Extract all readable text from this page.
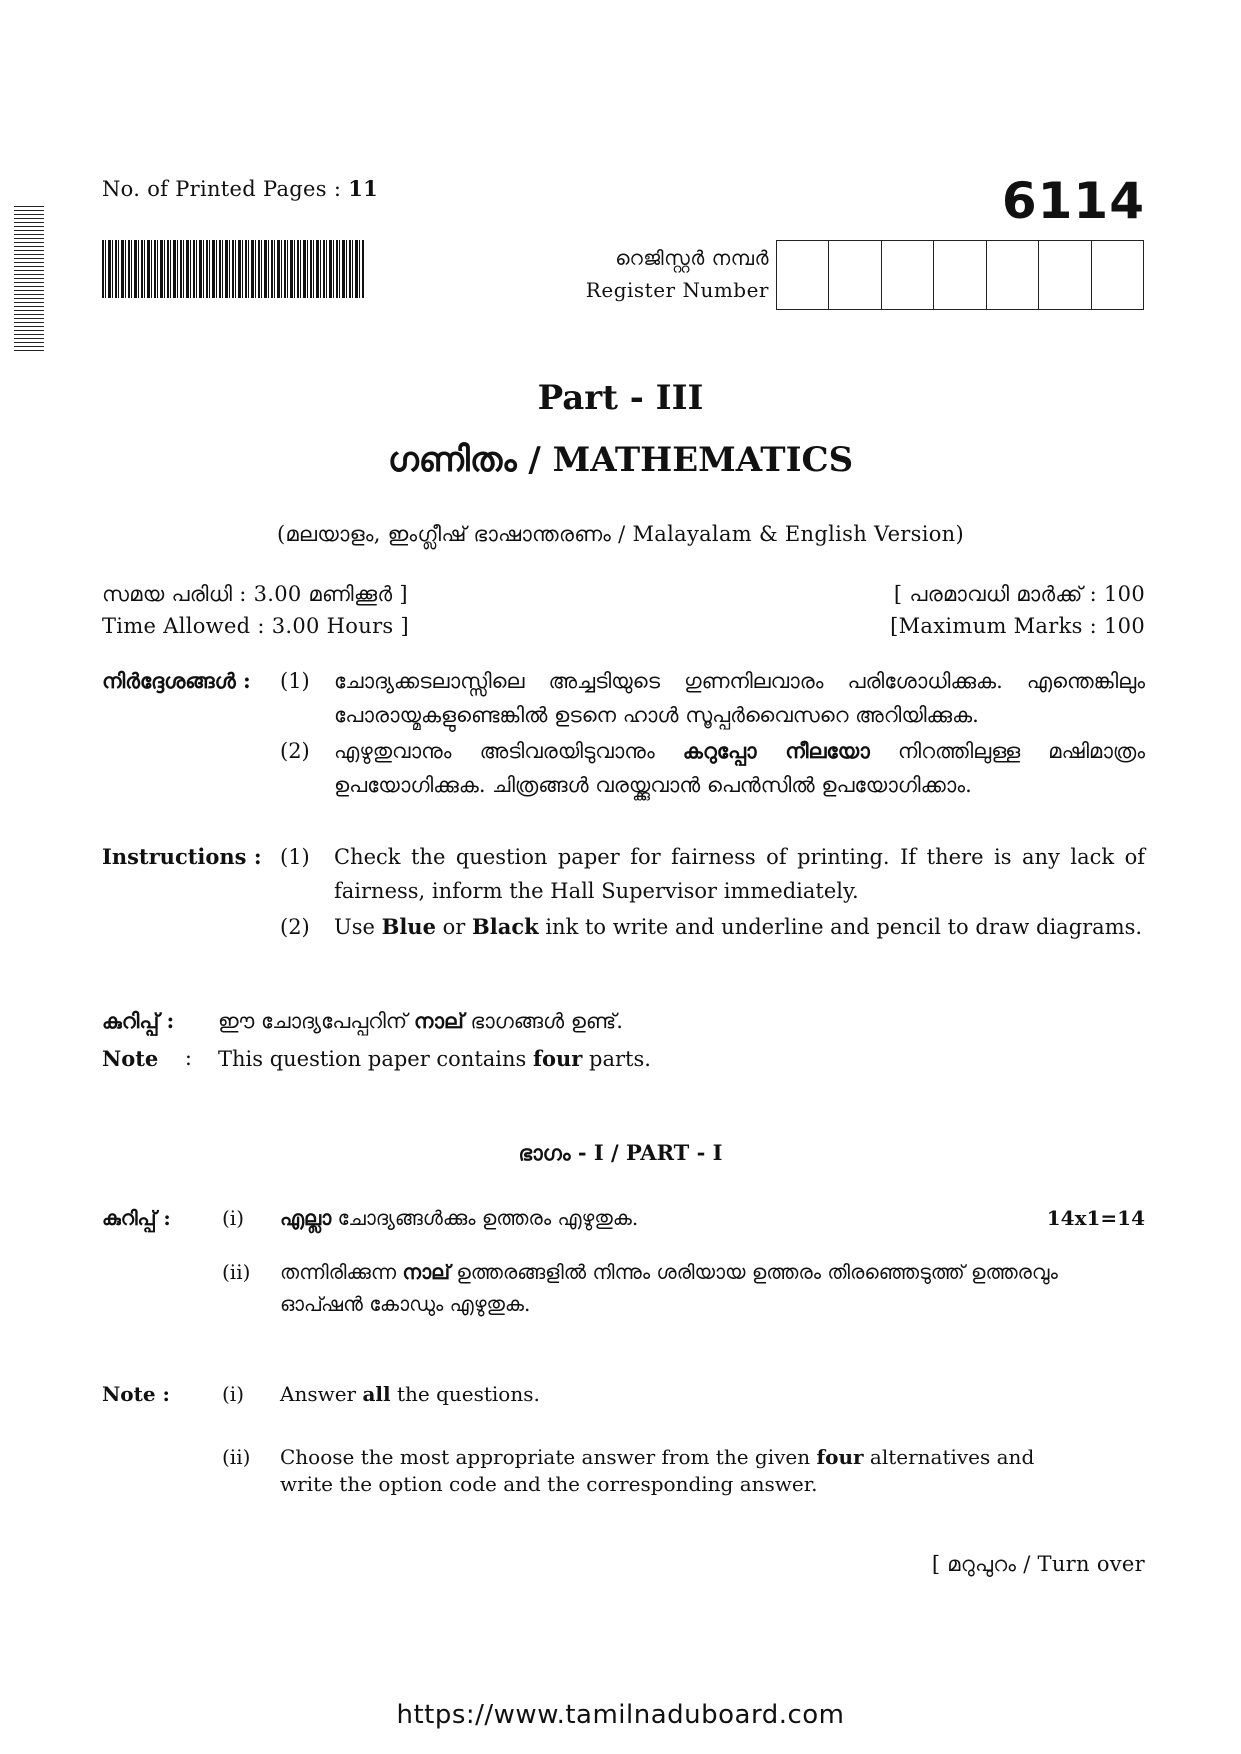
No. of Printed Pages : 11	6114
റെജിസ്റ്റർ നമ്പർ
Register Number
Part - III
ഗണിതം / MATHEMATICS
(മലയാളം, ഇംഗ്ലീഷ് ഭാഷാന്തരണം / Malayalam & English Version)
സമയ പരിധി : 3.00 മണിക്കൂർ ]
Time Allowed : 3.00 Hours ]
[ പരമാവധി മാർക്ക് : 100
[Maximum Marks : 100
നിർദ്ദേശങ്ങൾ :	(1)	ചോദ്യക്കടലാസ്സിലെ അച്ചടിയുടെ ഗുണനിലവാരം പരിശോധിക്കുക. എന്തെങ്കിലും പോരായ്മകളുണ്ടെങ്കിൽ ഉടനെ ഹാൾ സൂപ്പർവൈസറെ അറിയിക്കുക.
(2)	എഴുതുവാനും അടിവരയിടുവാനും കറുപ്പോ നീലയോ നിറത്തിലുള്ള മഷിമാത്രം ഉപയോഗിക്കുക. ചിത്രങ്ങൾ വരയ്ക്കുവാൻ പെൻസിൽ ഉപയോഗിക്കാം.
Instructions : (1)	Check the question paper for fairness of printing. If there is any lack of fairness, inform the Hall Supervisor immediately.
(2)	Use Blue or Black ink to write and underline and pencil to draw diagrams.
കുറിപ്പ് :	ഈ ചോദ്യപേപ്പറിന് നാല് ഭാഗങ്ങൾ ഉണ്ട്.
Note : This question paper contains four parts.
ഭാഗം - I / PART - I
കുറിപ്പ് :	(i)	എല്ലാ ചോദ്യങ്ങൾക്കും ഉത്തരം എഴുതുക.	14x1=14
(ii)	തന്നിരിക്കുന്ന നാല് ഉത്തരങ്ങളിൽ നിന്നും ശരിയായ ഉത്തരം തിരഞ്ഞെടുത്ത് ഉത്തരവും ഓപ്ഷൻ കോഡും എഴുതുക.
Note :	(i)	Answer all the questions.
(ii)	Choose the most appropriate answer from the given four alternatives and write the option code and the corresponding answer.
[ മറുപുറം / Turn over
https://www.tamilnaduboard.com
